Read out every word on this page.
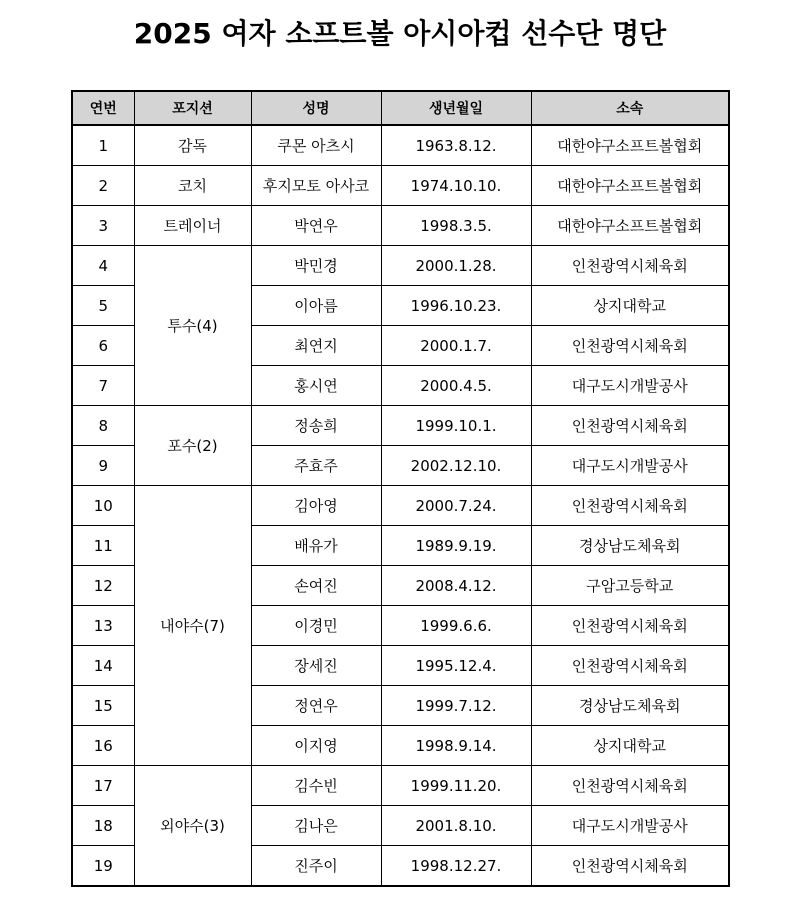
2025 여자 소프트볼 아시아컵 선수단 명단
연번	포지션	성명	생년월일	소속
1	감독	쿠몬 아츠시	1963.8.12.	대한야구소프트볼협회
2	코치	후지모토 아사코	1974.10.10.	대한야구소프트볼협회
3	트레이너	박연우	1998.3.5.	대한야구소프트볼협회
4	투수(4)	박민경	2000.1.28.	인천광역시체육회
5		이아름	1996.10.23.	상지대학교
6		최연지	2000.1.7.	인천광역시체육회
7		홍시연	2000.4.5.	대구도시개발공사
8	포수(2)	정송희	1999.10.1.	인천광역시체육회
9		주효주	2002.12.10.	대구도시개발공사
10	내야수(7)	김아영	2000.7.24.	인천광역시체육회
11		배유가	1989.9.19.	경상남도체육회
12		손여진	2008.4.12.	구암고등학교
13		이경민	1999.6.6.	인천광역시체육회
14		장세진	1995.12.4.	인천광역시체육회
15		정연우	1999.7.12.	경상남도체육회
16		이지영	1998.9.14.	상지대학교
17	외야수(3)	김수빈	1999.11.20.	인천광역시체육회
18		김나은	2001.8.10.	대구도시개발공사
19		진주이	1998.12.27.	인천광역시체육회
